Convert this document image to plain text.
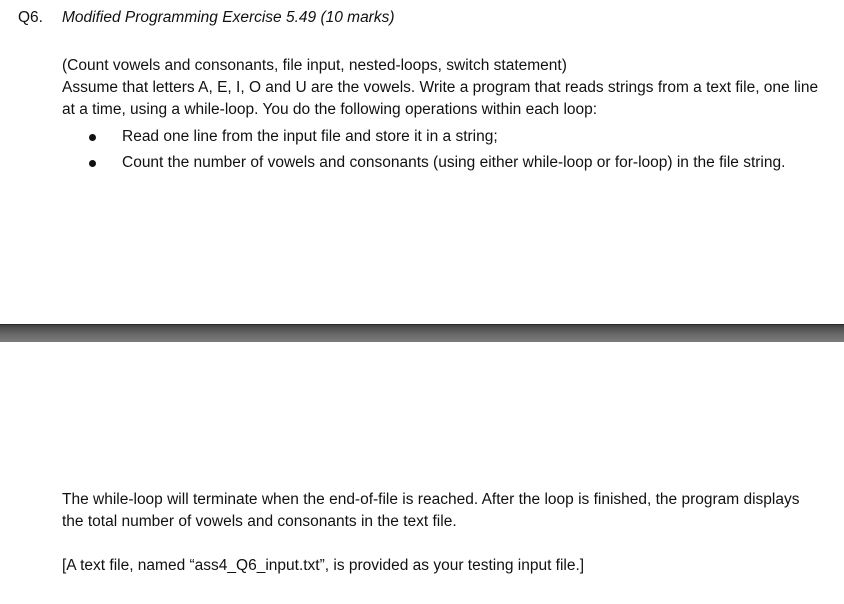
Q6. Modified Programming Exercise 5.49 (10 marks)

(Count vowels and consonants, file input, nested-loops, switch statement)

Assume that letters A, E, I, O and U are the vowels. Write a program that reads strings from a text file, one line at a time, using a while-loop. You do the following operations within each loop:

Read one line from the input file and store it in a string;
Count the number of vowels and consonants (using either while-loop or for-loop) in the file string.

The while-loop will terminate when the end-of-file is reached. After the loop is finished, the program displays the total number of vowels and consonants in the text file.

[A text file, named “ass4_Q6_input.txt”, is provided as your testing input file.]
